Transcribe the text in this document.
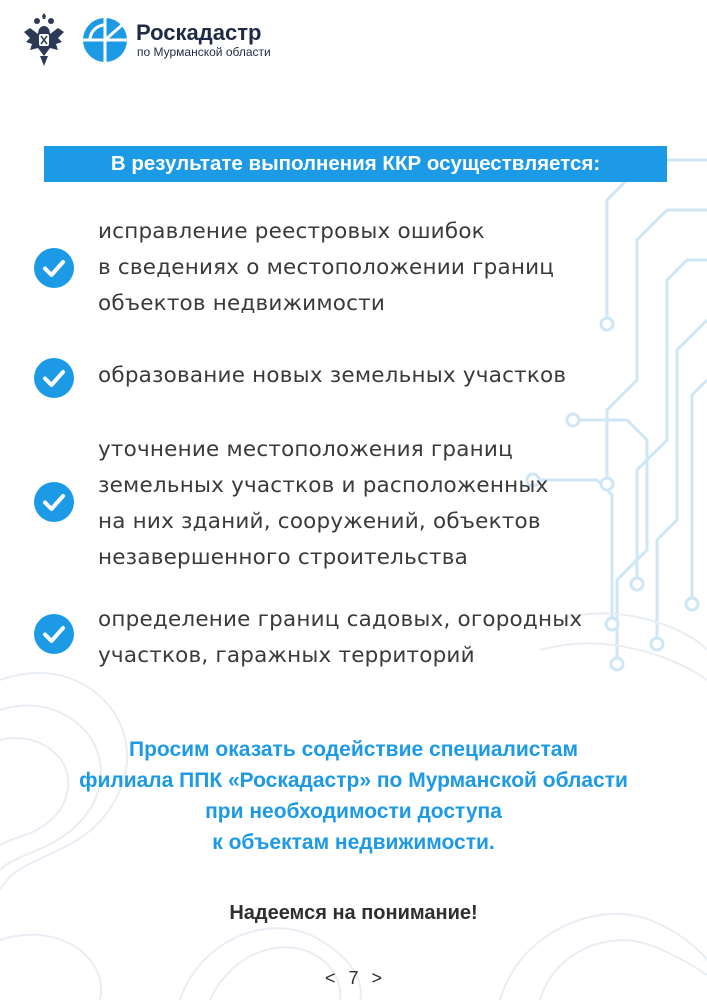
Роскадастр
по Мурманской области
В результате выполнения ККР осуществляется:
исправление реестровых ошибок
в сведениях о местоположении границ
объектов недвижимости
образование новых земельных участков
уточнение местоположения границ
земельных участков и расположенных
на них зданий, сооружений, объектов
незавершенного строительства
определение границ садовых, огородных
участков, гаражных территорий
Просим оказать содействие специалистам
филиала ППК «Роскадастр» по Мурманской области
при необходимости доступа
к объектам недвижимости.
Надеемся на понимание!
< 7 >
